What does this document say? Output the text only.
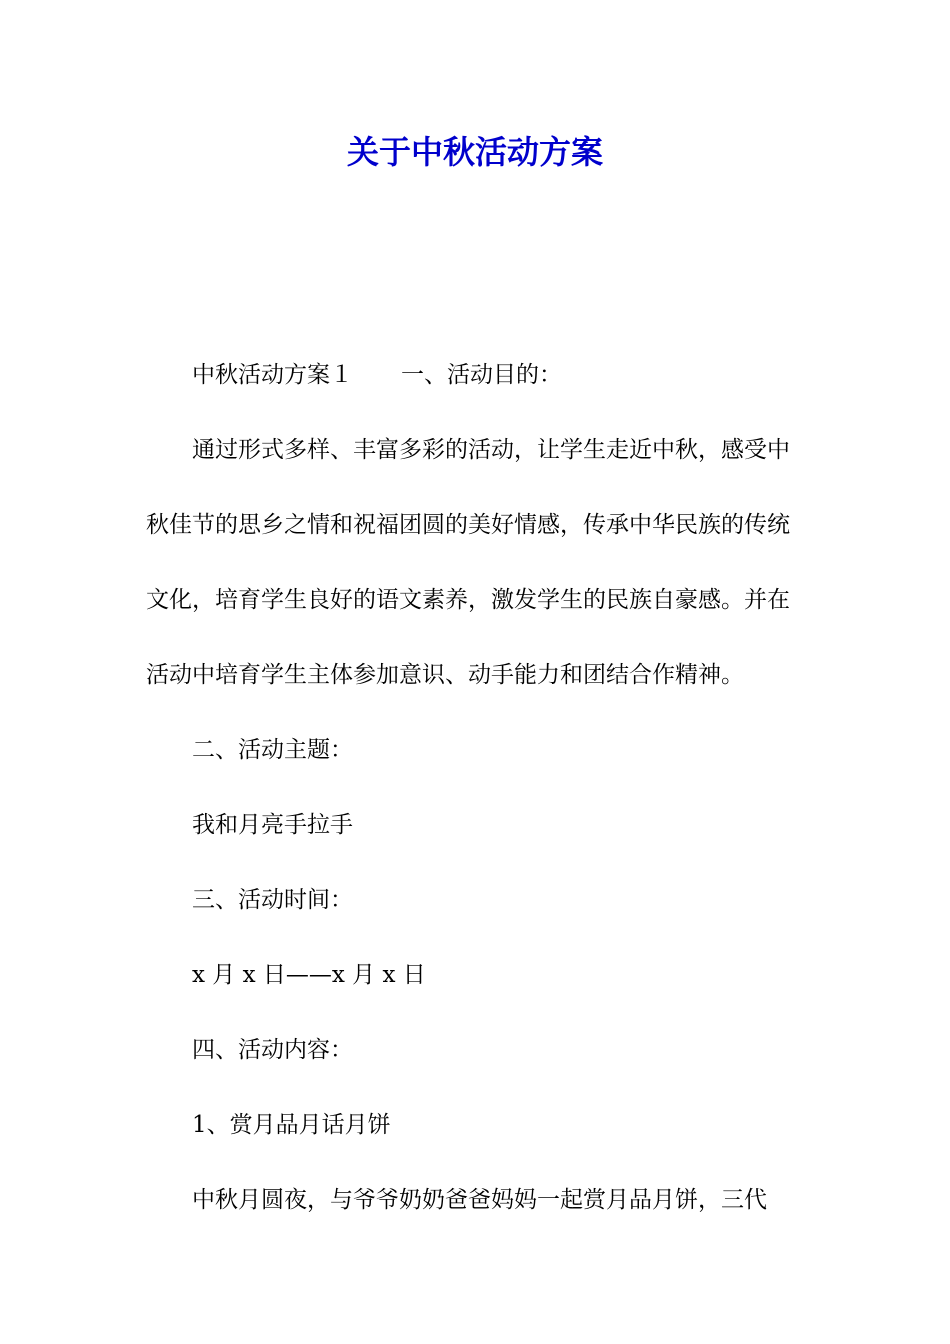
关于中秋活动方案

中秋活动方案１ 一、活动目的：

通过形式多样、丰富多彩的活动，让学生走近中秋，感受中秋佳节的思乡之情和祝福团圆的美好情感，传承中华民族的传统文化，培育学生良好的语文素养，激发学生的民族自豪感。并在活动中培育学生主体参加意识、动手能力和团结合作精神。

二、活动主题：

我和月亮手拉手

三、活动时间：

x 月 x 日——x 月 x 日

四、活动内容：

1、赏月品月话月饼

中秋月圆夜，与爷爷奶奶爸爸妈妈一起赏月品月饼，三代
